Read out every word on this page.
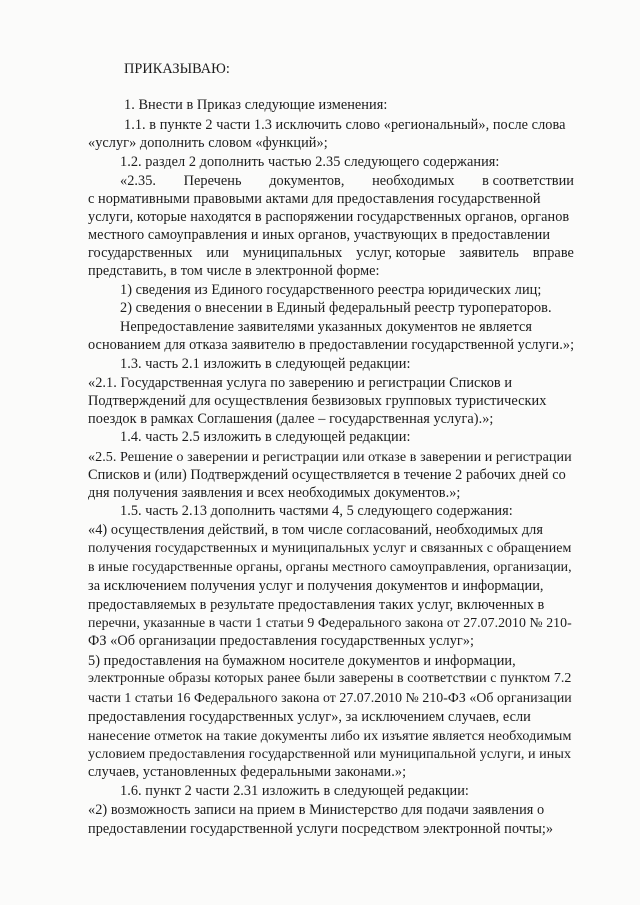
ПРИКАЗЫВАЮ:
1. Внести в Приказ следующие изменения:
1.1. в пункте 2 части 1.3 исключить слово «региональный», после слова
«услуг» дополнить словом «функций»;
1.2. раздел 2 дополнить частью 2.35 следующего содержания:
«2.35. Перечень документов, необходимых в соответствии
с нормативными правовыми актами для предоставления государственной
услуги, которые находятся в распоряжении государственных органов, органов
местного самоуправления и иных органов, участвующих в предоставлении
государственных или муниципальных услуг, которые заявитель вправе
представить, в том числе в электронной форме:
1) сведения из Единого государственного реестра юридических лиц;
2) сведения о внесении в Единый федеральный реестр туроператоров.
Непредоставление заявителями указанных документов не является
основанием для отказа заявителю в предоставлении государственной услуги.»;
1.3. часть 2.1 изложить в следующей редакции:
«2.1. Государственная услуга по заверению и регистрации Списков и
Подтверждений для осуществления безвизовых групповых туристических
поездок в рамках Соглашения (далее – государственная услуга).»;
1.4. часть 2.5 изложить в следующей редакции:
«2.5. Решение о заверении и регистрации или отказе в заверении и регистрации
Списков и (или) Подтверждений осуществляется в течение 2 рабочих дней со
дня получения заявления и всех необходимых документов.»;
1.5. часть 2.13 дополнить частями 4, 5 следующего содержания:
«4) осуществления действий, в том числе согласований, необходимых для
получения государственных и муниципальных услуг и связанных с обращением
в иные государственные органы, органы местного самоуправления, организации,
за исключением получения услуг и получения документов и информации,
предоставляемых в результате предоставления таких услуг, включенных в
перечни, указанные в части 1 статьи 9 Федерального закона от 27.07.2010 № 210-
ФЗ «Об организации предоставления государственных услуг»;
5) предоставления на бумажном носителе документов и информации,
электронные образы которых ранее были заверены в соответствии с пунктом 7.2
части 1 статьи 16 Федерального закона от 27.07.2010 № 210-ФЗ «Об организации
предоставления государственных услуг», за исключением случаев, если
нанесение отметок на такие документы либо их изъятие является необходимым
условием предоставления государственной или муниципальной услуги, и иных
случаев, установленных федеральными законами.»;
1.6. пункт 2 части 2.31 изложить в следующей редакции:
«2) возможность записи на прием в Министерство для подачи заявления о
предоставлении государственной услуги посредством электронной почты;»
